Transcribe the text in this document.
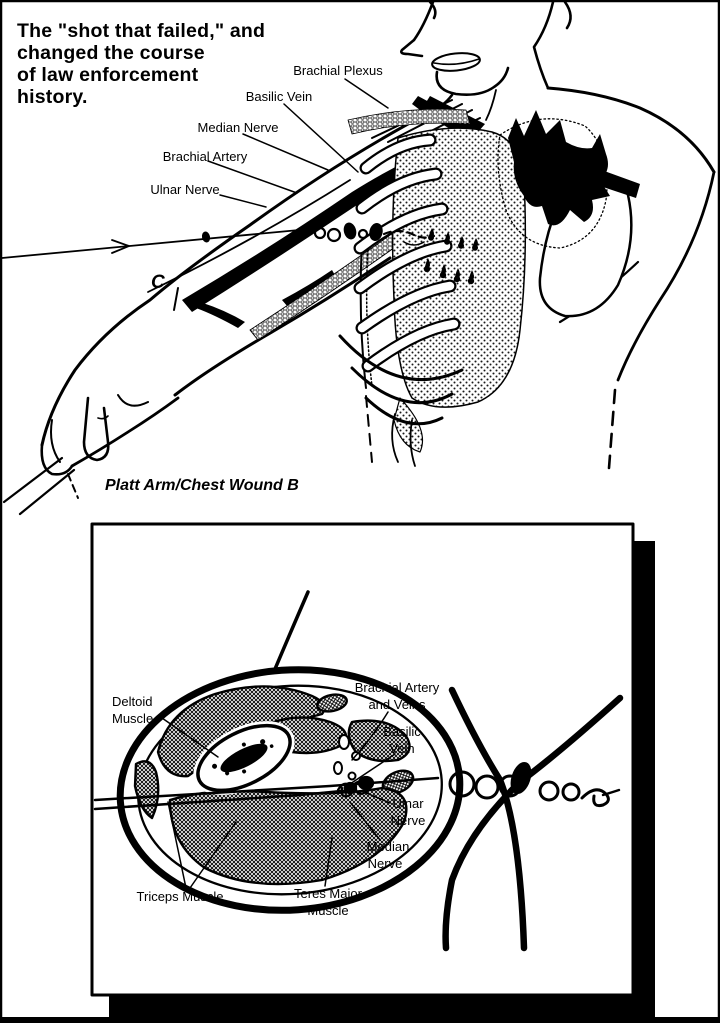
C
Brachial Plexus
Basilic Vein
Median Nerve
Brachial Artery
Ulnar Nerve
The "shot that failed," and
changed the course
of law enforcement
history.
Platt Arm/Chest Wound B
Deltoid
Muscle
Brachial Artery
and Veins
Basilic
Vein
Ulnar
Nerve
Median
Nerve
Triceps Muscle	Teres Major
Muscle
